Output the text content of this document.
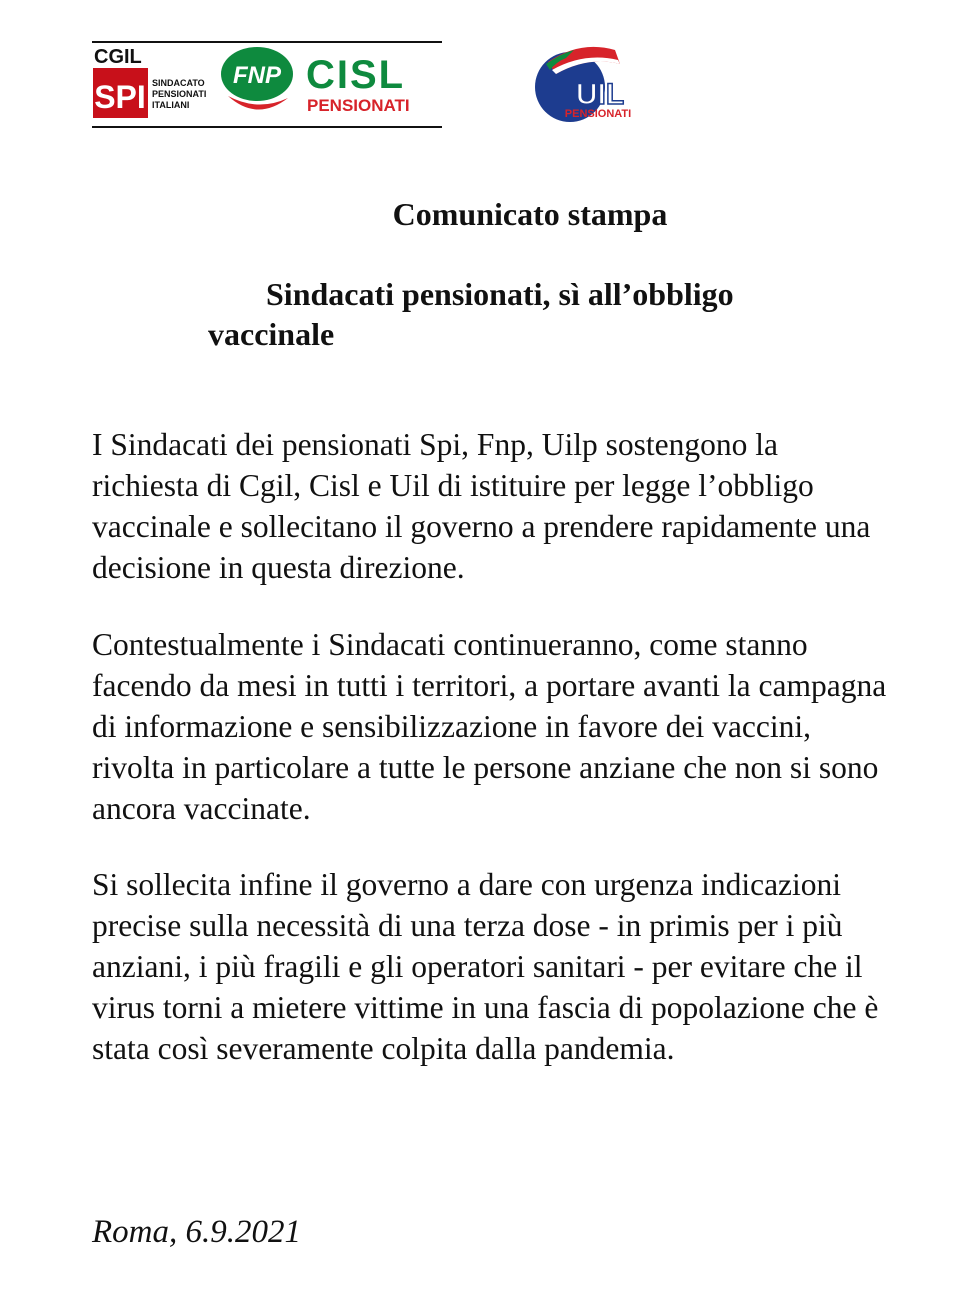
CGIL
SPI SINDACATO
PENSIONATI
ITALIANI
FNP CISL
PENSIONATI	UIL
PENSIONATI
Comunicato stampa
Sindacati pensionati, sì all’obbligo vaccinale

I Sindacati dei pensionati Spi, Fnp, Uilp sostengono la richiesta di Cgil, Cisl e Uil di istituire per legge l’obbligo vaccinale e sollecitano il governo a prendere rapidamente una decisione in questa direzione.

Contestualmente i Sindacati continueranno, come stanno facendo da mesi in tutti i territori, a portare avanti la campagna di informazione e sensibilizzazione in favore dei vaccini, rivolta in particolare a tutte le persone anziane che non si sono ancora vaccinate.

Si sollecita infine il governo a dare con urgenza indicazioni precise sulla necessità di una terza dose - in primis per i più anziani, i più fragili e gli operatori sanitari - per evitare che il virus torni a mietere vittime in una fascia di popolazione che è stata così severamente colpita dalla pandemia.

Roma, 6.9.2021
